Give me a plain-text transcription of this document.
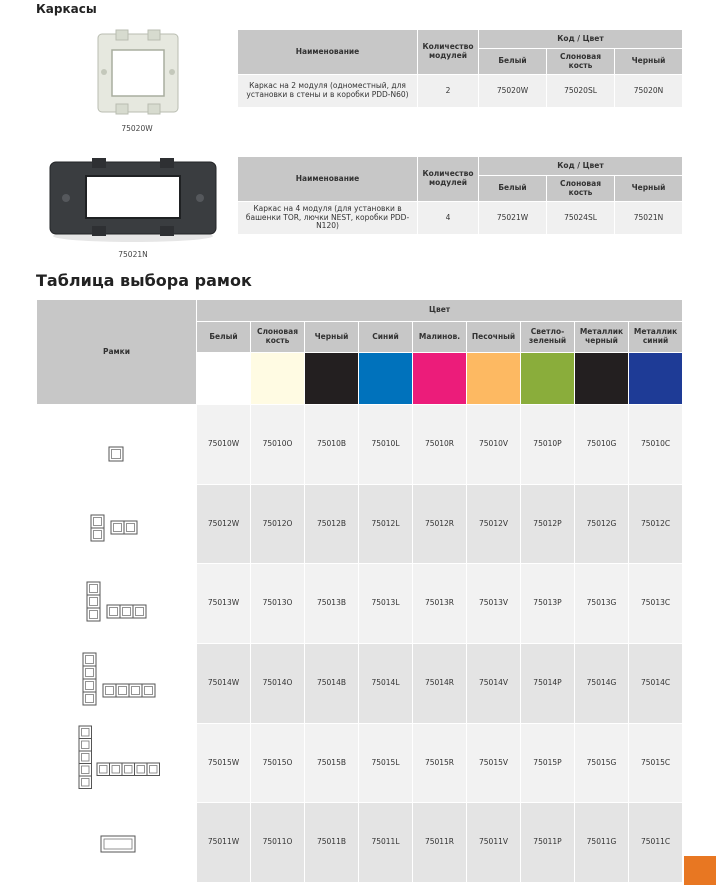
Каркасы
75020W
Наименование	Количество модулей	Код / Цвет		
		Белый	Слоновая кость	Черный
Каркас на 2 модуля (одноместный, для установки в стены и в коробки PDD-N60)	2	75020W	75020SL	75020N
75021N
Наименование	Количество модулей	Код / Цвет		
		Белый	Слоновая кость	Черный
Каркас на 4 модуля (для установки в башенки TOR, лючки NEST, коробки PDD-N120)	4	75021W	75024SL	75021N
Таблица выбора рамок
Рамки	Цвет								
	Белый	Слоновая кость	Черный	Синий	Малинов.	Песочный	Светло-зеленый	Металлик черный	Металлик синий

	75010W	75010O	75010B	75010L	75010R	75010V	75010P	75010G	75010C
	75012W	75012O	75012B	75012L	75012R	75012V	75012P	75012G	75012C
	75013W	75013O	75013B	75013L	75013R	75013V	75013P	75013G	75013C
	75014W	75014O	75014B	75014L	75014R	75014V	75014P	75014G	75014C
	75015W	75015O	75015B	75015L	75015R	75015V	75015P	75015G	75015C
	75011W	75011O	75011B	75011L	75011R	75011V	75011P	75011G	75011C
